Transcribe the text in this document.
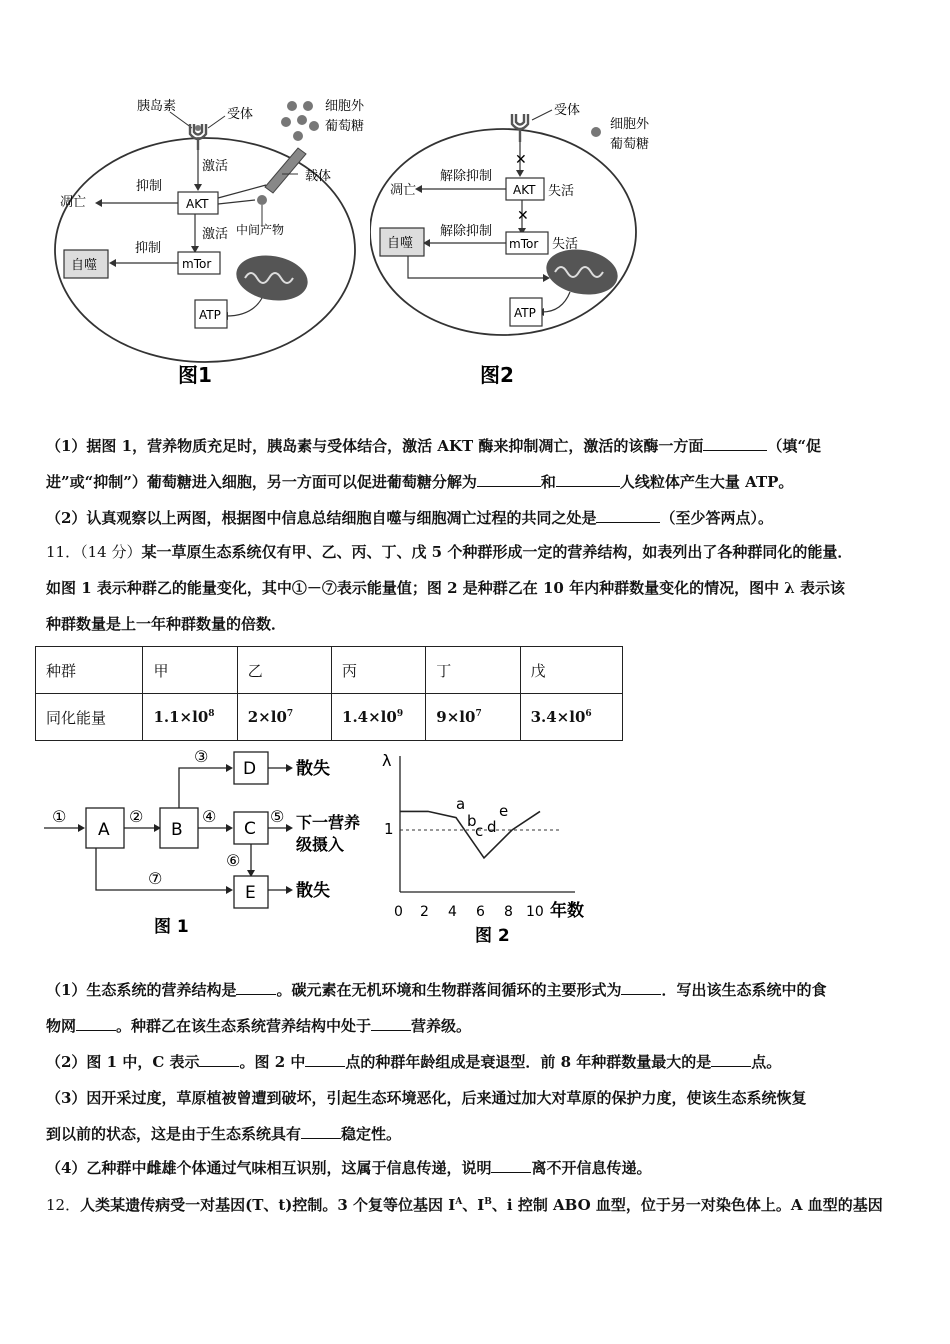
胰岛素
受体
细胞外
葡萄糖
载体
激活
AKT
抑制
凋亡
激活 中间产物
mTor
抑制
自噬
ATP
图1
受体
细胞外
葡萄糖
✕
AKT 失活
解除抑制
凋亡
✕
mTor 失活
解除抑制
自噬
ATP
图2
（1）据图 1，营养物质充足时，胰岛素与受体结合，激活 AKT 酶来抑制凋亡，激活的该酶一方面	（填“促
进”或“抑制”）葡萄糖进入细胞，另一方面可以促进葡萄糖分解为	和	人线粒体产生大量 ATP。
（2）认真观察以上两图，根据图中信息总结细胞自噬与细胞凋亡过程的共同之处是	（至少答两点）。
11．（14 分）某一草原生态系统仅有甲、乙、丙、丁、戊 5 个种群形成一定的营养结构，如表列出了各种群同化的能量．
如图 1 表示种群乙的能量变化，其中①－⑦表示能量值；图 2 是种群乙在 10 年内种群数量变化的情况，图中 λ 表示该
种群数量是上一年种群数量的倍数．
种群	甲	乙	丙	丁	戊
同化能量	$1.1\times l0^8$	$2\times l0^7$	$1.4\times l0^9$	$9\times l0^7$	$3.4\times l0^6$
①
A
②
B
③
D 散失
④
C
⑤ 下一营养
级摄入
⑥
⑦
E 散失
图 1
λ
1
0 2 4 6 8 10 年数
图 2
a
b
c d
e
（1）生态系统的营养结构是	。碳元素在无机环境和生物群落间循环的主要形式为	．写出该生态系统中的食
物网	。种群乙在该生态系统营养结构中处于	营养级。
（2）图 1 中，C 表示	。图 2 中	点的种群年龄组成是衰退型．前 8 年种群数量最大的是	点。
（3）因开采过度，草原植被曾遭到破坏，引起生态环境恶化，后来通过加大对草原的保护力度，使该生态系统恢复
到以前的状态，这是由于生态系统具有	稳定性。
（4）乙种群中雌雄个体通过气味相互识别，这属于信息传递，说明	离不开信息传递。
12．人类某遗传病受一对基因(T、t)控制。3 个复等位基因 $I^A$、$I^B$、i 控制 ABO 血型，位于另一对染色体上。A 血型的基因
